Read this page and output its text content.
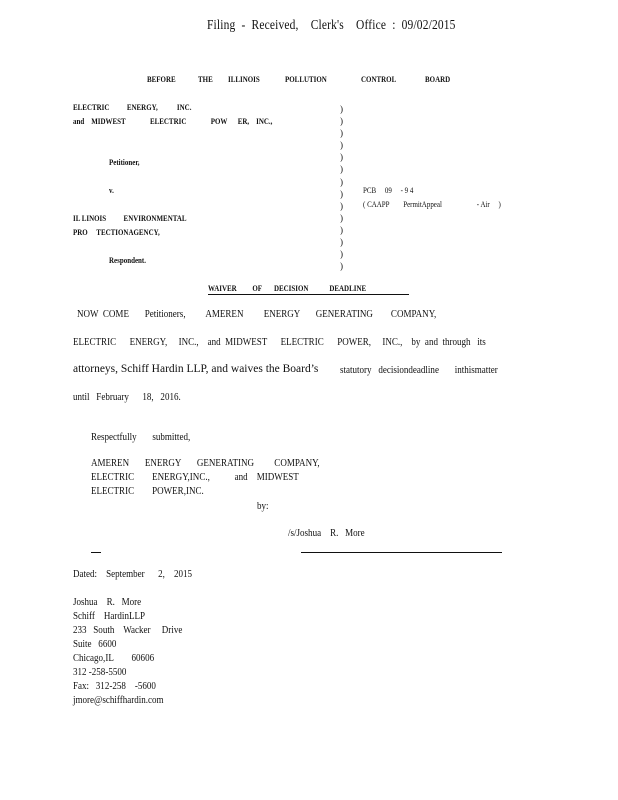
Filing  -  Received,    Clerk's    Office  :  09/02/2015
BEFORE	THE ILLINOIS	POLLUTION	CONTROL	BOARD
ELECTRIC          ENERGY,           INC.
and    MIDWEST              ELECTRIC              POW      ER,    INC.,
Petitioner,
v.
IL LINOIS          ENVIRONMENTAL
PRO     TECTIONAGENCY,
Respondent.
)
)
)
)
)
)
)
)
)
)
)
)
)
)
PCB     09     - 9 4
( CAAPP        PermitAppeal                    - Air     )
WAIVER         OF       DECISION            DEADLINE
NOW  COME       Petitioners,         AMEREN         ENERGY       GENERATING        COMPANY,
ELECTRIC      ENERGY,     INC.,    and  MIDWEST      ELECTRIC      POWER,     INC.,    by  and  through   its
attorneys, Schiff Hardin LLP, and waives the Board’s statutory   decisiondeadline       inthismatter
until   February      18,   2016.
Respectfully       submitted,
AMEREN       ENERGY       GENERATING         COMPANY,
ELECTRIC        ENERGY,INC.,           and    MIDWEST
ELECTRIC        POWER,INC.
by:
/s/Joshua    R.   More
Dated:    September      2,    2015
Joshua    R.   More
Schiff    HardinLLP
233   South    Wacker     Drive
Suite   6600
Chicago,IL        60606
312 -258-5500
Fax:   312-258    -5600
jmore@schiffhardin.com
